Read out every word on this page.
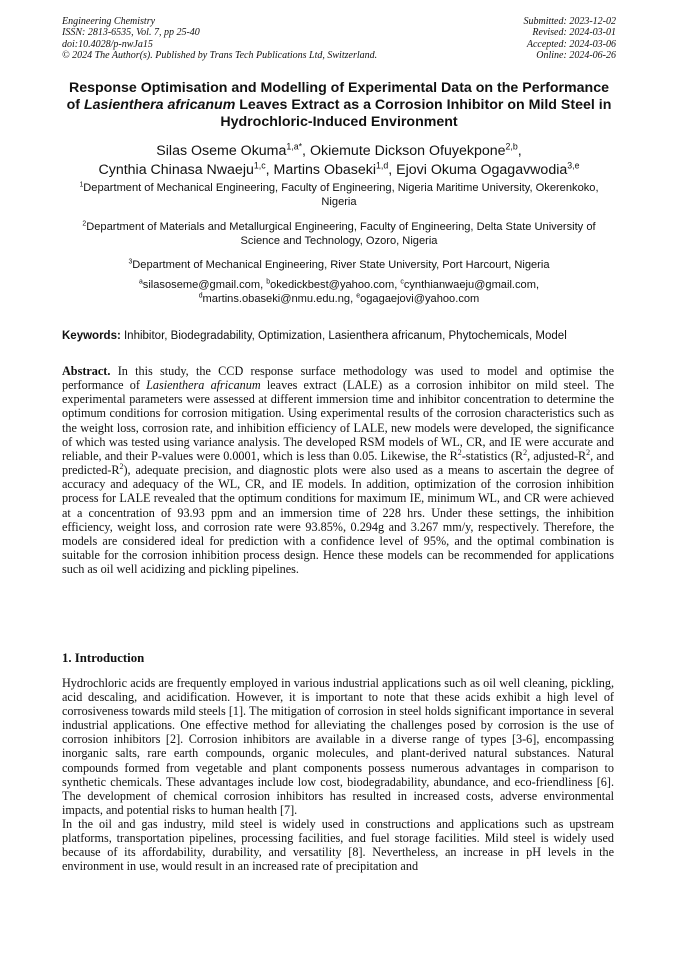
Engineering Chemistry
ISSN: 2813-6535, Vol. 7, pp 25-40
doi:10.4028/p-nwJa15
© 2024 The Author(s). Published by Trans Tech Publications Ltd, Switzerland.
Submitted: 2023-12-02
Revised: 2024-03-01
Accepted: 2024-03-06
Online: 2024-06-26
Response Optimisation and Modelling of Experimental Data on the Performance of Lasienthera africanum Leaves Extract as a Corrosion Inhibitor on Mild Steel in Hydrochloric-Induced Environment
Silas Oseme Okuma$^{1,a*}$, Okiemute Dickson Ofuyekpone$^{2,b}$,
Cynthia Chinasa Nwaeju$^{1,c}$, Martins Obaseki$^{1,d}$, Ejovi Okuma Ogagavwodia$^{3,e}$
$^1$Department of Mechanical Engineering, Faculty of Engineering, Nigeria Maritime University, Okerenkoko, Nigeria
$^2$Department of Materials and Metallurgical Engineering, Faculty of Engineering, Delta State University of Science and Technology, Ozoro, Nigeria
$^3$Department of Mechanical Engineering, River State University, Port Harcourt, Nigeria
$^a$silasoseme@gmail.com, $^b$okedickbest@yahoo.com, $^c$cynthianwaeju@gmail.com,
$^d$martins.obaseki@nmu.edu.ng, $^e$ogagaejovi@yahoo.com
Keywords: Inhibitor, Biodegradability, Optimization, Lasienthera africanum, Phytochemicals, Model
Abstract. In this study, the CCD response surface methodology was used to model and optimise the performance of Lasienthera africanum leaves extract (LALE) as a corrosion inhibitor on mild steel. The experimental parameters were assessed at different immersion time and inhibitor concentration to determine the optimum conditions for corrosion mitigation. Using experimental results of the corrosion characteristics such as the weight loss, corrosion rate, and inhibition efficiency of LALE, new models were developed, the significance of which was tested using variance analysis. The developed RSM models of WL, CR, and IE were accurate and reliable, and their P-values were 0.0001, which is less than 0.05. Likewise, the $R^2$-statistics ($R^2$, adjusted-$R^2$, and predicted-$R^2$), adequate precision, and diagnostic plots were also used as a means to ascertain the degree of accuracy and adequacy of the WL, CR, and IE models. In addition, optimization of the corrosion inhibition process for LALE revealed that the optimum conditions for maximum IE, minimum WL, and CR were achieved at a concentration of 93.93 ppm and an immersion time of 228 hrs. Under these settings, the inhibition efficiency, weight loss, and corrosion rate were 93.85%, 0.294g and 3.267 mm/y, respectively. Therefore, the models are considered ideal for prediction with a confidence level of 95%, and the optimal combination is suitable for the corrosion inhibition process design. Hence these models can be recommended for applications such as oil well acidizing and pickling pipelines.
1. Introduction

Hydrochloric acids are frequently employed in various industrial applications such as oil well cleaning, pickling, acid descaling, and acidification. However, it is important to note that these acids exhibit a high level of corrosiveness towards mild steels [1]. The mitigation of corrosion in steel holds significant importance in several industrial applications. One effective method for alleviating the challenges posed by corrosion is the use of corrosion inhibitors [2]. Corrosion inhibitors are available in a diverse range of types [3-6], encompassing inorganic salts, rare earth compounds, organic molecules, and plant-derived natural substances. Natural compounds formed from vegetable and plant components possess numerous advantages in comparison to synthetic chemicals. These advantages include low cost, biodegradability, abundance, and eco-friendliness [6]. The development of chemical corrosion inhibitors has resulted in increased costs, adverse environmental impacts, and potential risks to human health [7].

In the oil and gas industry, mild steel is widely used in constructions and applications such as upstream platforms, transportation pipelines, processing facilities, and fuel storage facilities. Mild steel is widely used because of its affordability, durability, and versatility [8]. Nevertheless, an increase in pH levels in the environment in use, would result in an increased rate of precipitation and
